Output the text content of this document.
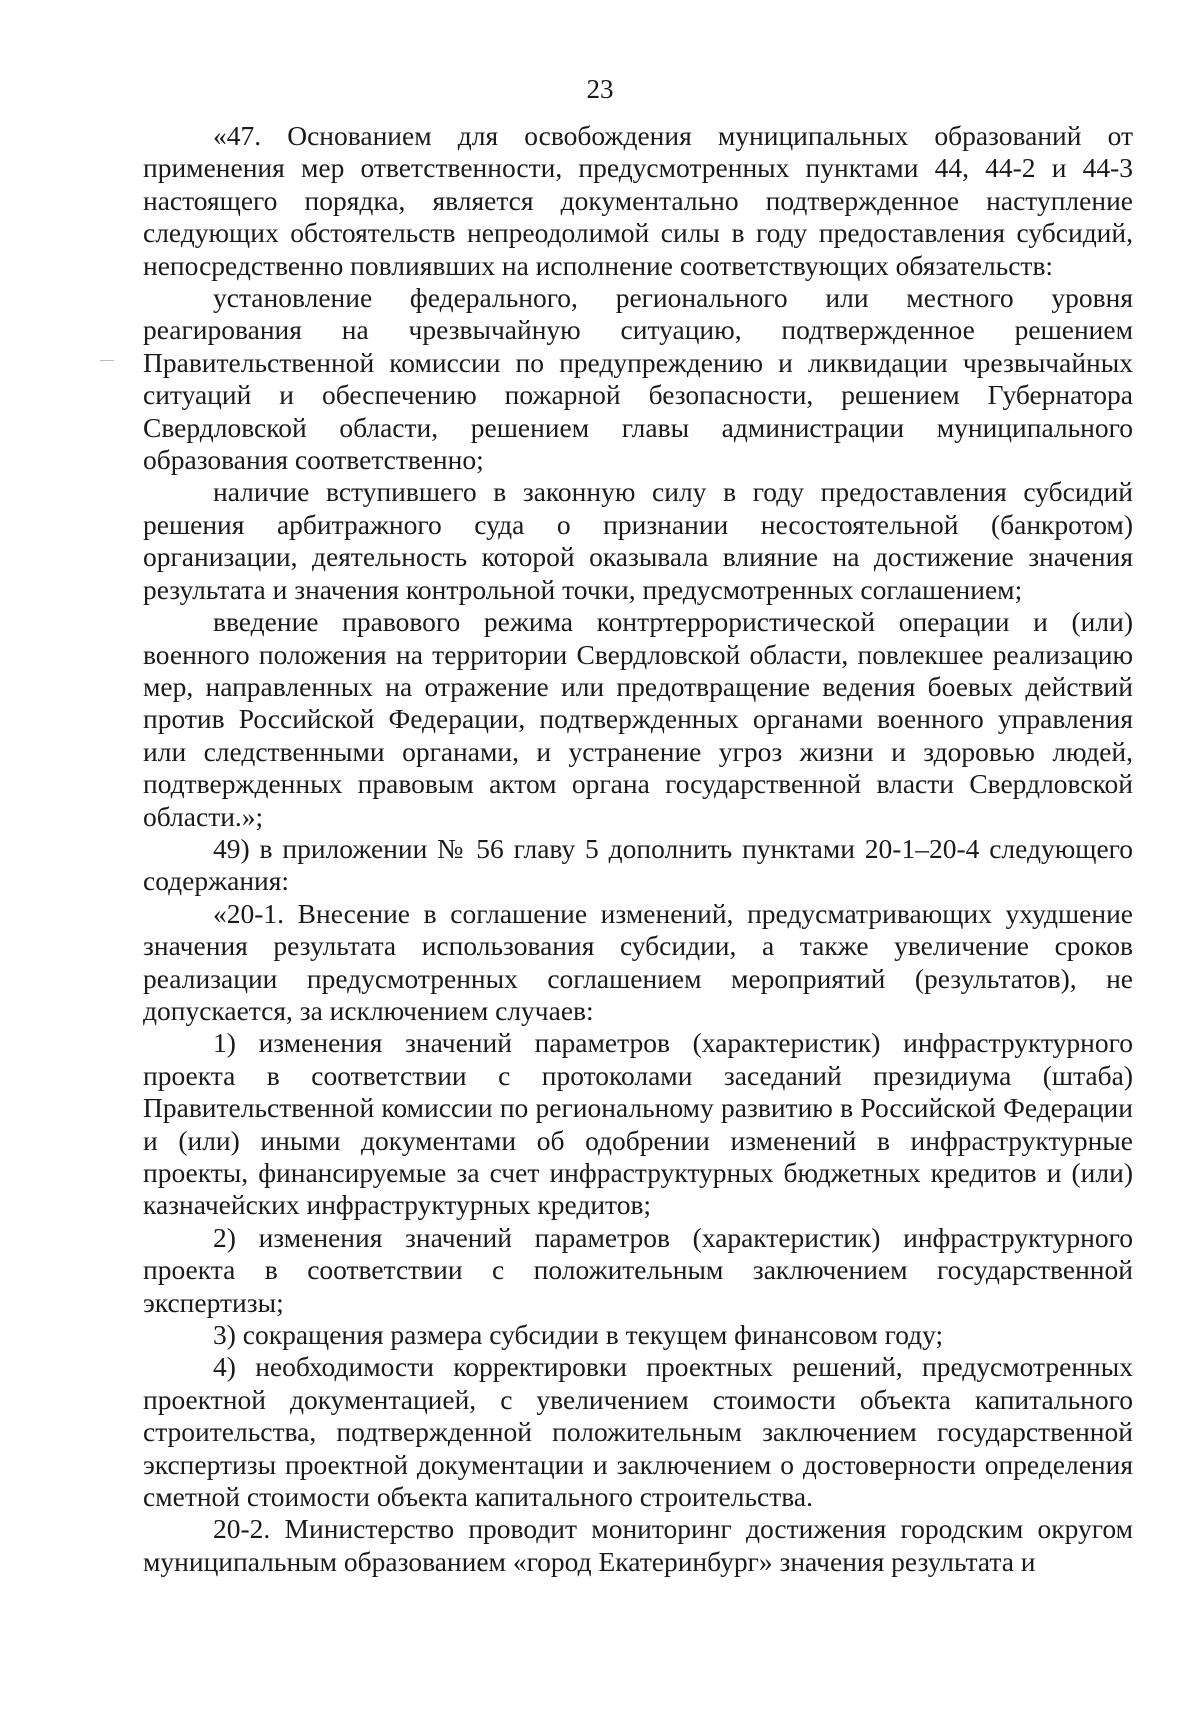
23

«47. Основанием для освобождения муниципальных образований от применения мер ответственности, предусмотренных пунктами 44, 44-2 и 44-3 настоящего порядка, является документально подтвержденное наступление следующих обстоятельств непреодолимой силы в году предоставления субсидий, непосредственно повлиявших на исполнение соответствующих обязательств:

установление федерального, регионального или местного уровня реагирования на чрезвычайную ситуацию, подтвержденное решением Правительственной комиссии по предупреждению и ликвидации чрезвычайных ситуаций и обеспечению пожарной безопасности, решением Губернатора Свердловской области, решением главы администрации муниципального образования соответственно;

наличие вступившего в законную силу в году предоставления субсидий решения арбитражного суда о признании несостоятельной (банкротом) организации, деятельность которой оказывала влияние на достижение значения результата и значения контрольной точки, предусмотренных соглашением;

введение правового режима контртеррористической операции и (или) военного положения на территории Свердловской области, повлекшее реализацию мер, направленных на отражение или предотвращение ведения боевых действий против Российской Федерации, подтвержденных органами военного управления или следственными органами, и устранение угроз жизни и здоровью людей, подтвержденных правовым актом органа государственной власти Свердловской области.»;

49) в приложении № 56 главу 5 дополнить пунктами 20-1–20-4 следующего содержания:

«20-1. Внесение в соглашение изменений, предусматривающих ухудшение значения результата использования субсидии, а также увеличение сроков реализации предусмотренных соглашением мероприятий (результатов), не допускается, за исключением случаев:

1) изменения значений параметров (характеристик) инфраструктурного проекта в соответствии с протоколами заседаний президиума (штаба) Правительственной комиссии по региональному развитию в Российской Федерации и (или) иными документами об одобрении изменений в инфраструктурные проекты, финансируемые за счет инфраструктурных бюджетных кредитов и (или) казначейских инфраструктурных кредитов;

2) изменения значений параметров (характеристик) инфраструктурного проекта в соответствии с положительным заключением государственной экспертизы;

3) сокращения размера субсидии в текущем финансовом году;

4) необходимости корректировки проектных решений, предусмотренных проектной документацией, с увеличением стоимости объекта капитального строительства, подтвержденной положительным заключением государственной экспертизы проектной документации и заключением о достоверности определения сметной стоимости объекта капитального строительства.

20-2. Министерство проводит мониторинг достижения городским округом муниципальным образованием «город Екатеринбург» значения результата и
